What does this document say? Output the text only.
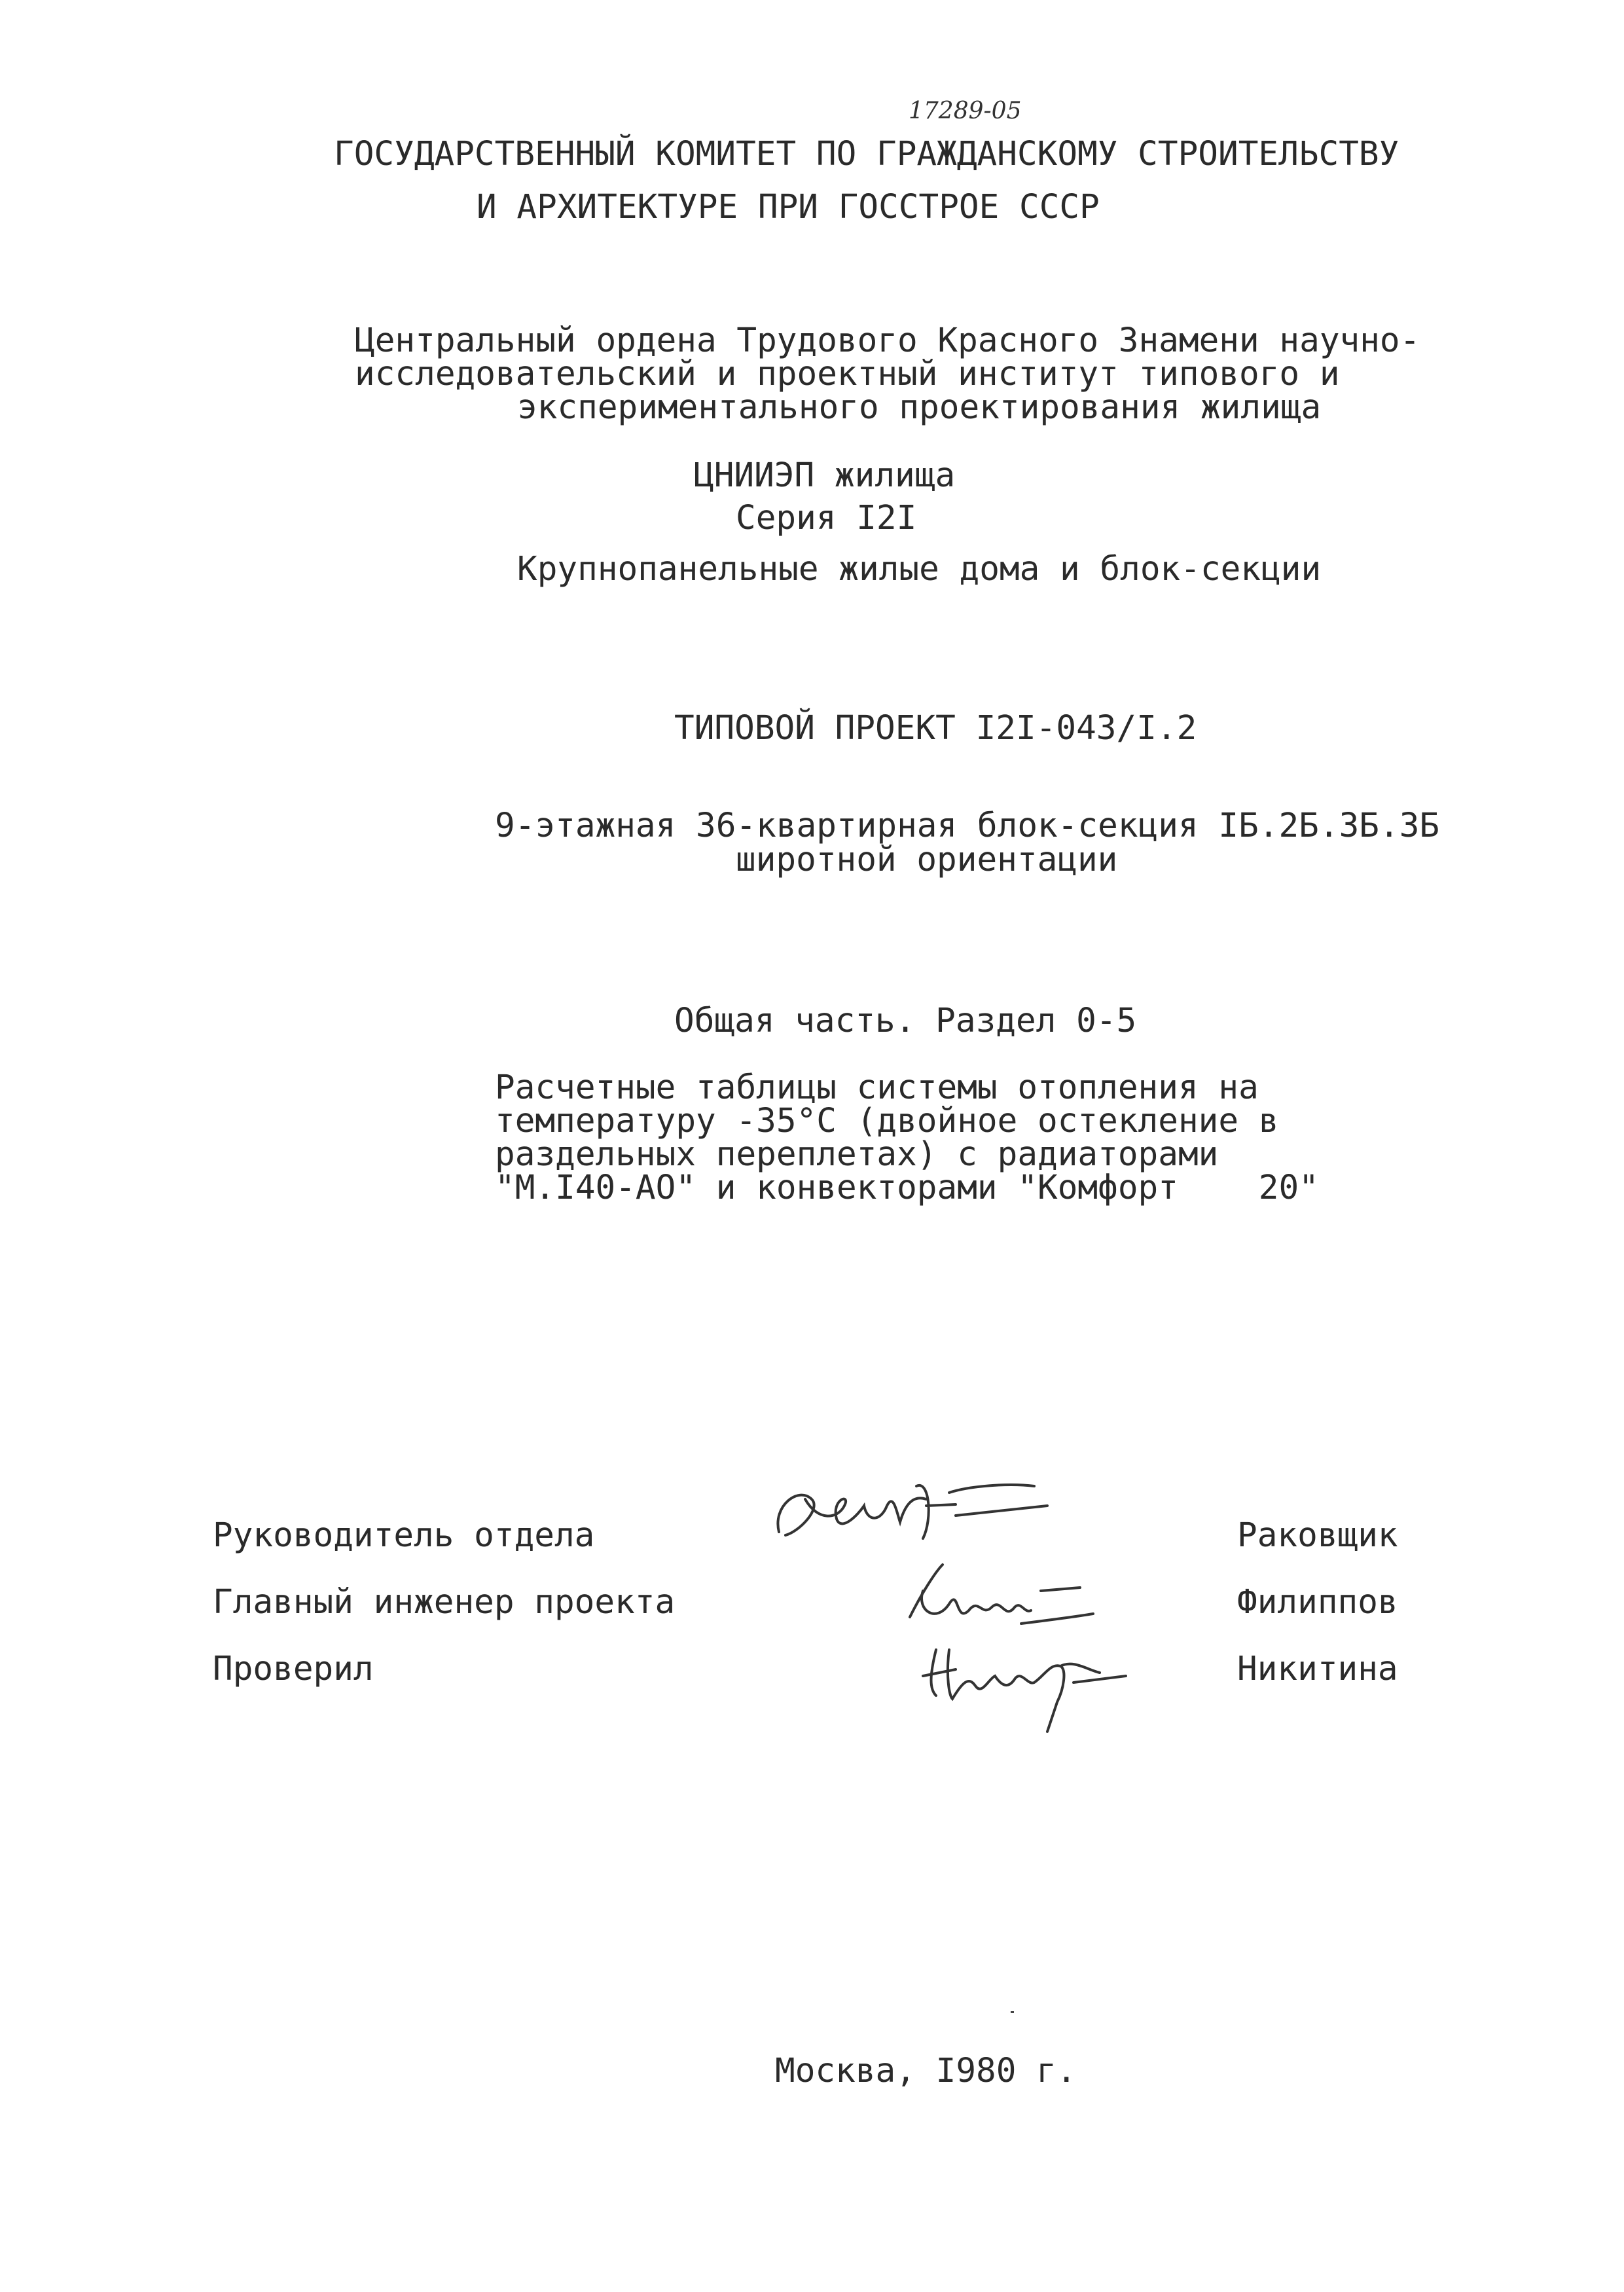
17289-05
ГОСУДАРСТВЕННЫЙ КОМИТЕТ ПО ГРАЖДАНСКОМУ СТРОИТЕЛЬСТВУ
И АРХИТЕКТУРЕ ПРИ ГОССТРОЕ СССР
Центральный ордена Трудового Красного Знамени научно-
исследовательский и проектный институт типового и
экспериментального проектирования жилища
ЦНИИЭП жилища
Серия I2I
Крупнопанельные жилые дома и блок-секции
ТИПОВОЙ ПРОЕКТ I2I-043/I.2
9-этажная 36-квартирная блок-секция IБ.2Б.3Б.3Б
широтной ориентации
Общая часть. Раздел 0-5
Расчетные таблицы системы отопления на
температуру -35°С (двойное остекление в
раздельных переплетах) с радиаторами
"М.I40-АО" и конвекторами "Комфорт    20"
Руководитель отдела
Главный инженер проекта
Проверил
Раковщик
Филиппов
Никитина
Москва, I980 г.
